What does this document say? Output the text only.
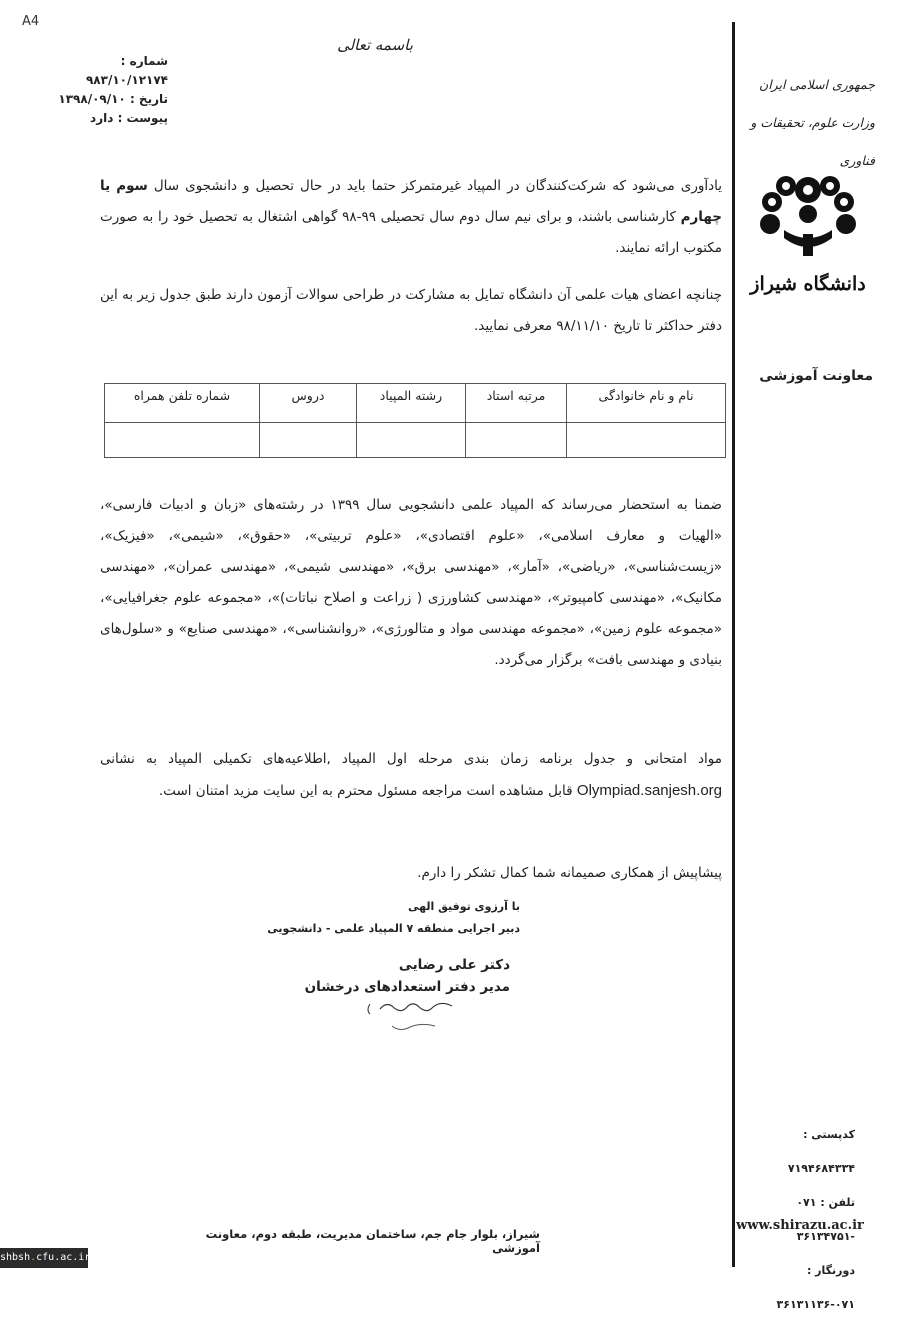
A4
باسمه تعالی
شماره :
۹۸۳/۱۰/۱۲۱۷۴
تاریخ : ۱۳۹۸/۰۹/۱۰
پیوست : دارد
جمهوری اسلامی ایران
وزارت علوم، تحقیقات و فناوری
دانشگاه شیراز
معاونت آموزشی
یادآوری می‌شود که شرکت‌کنندگان در المپیاد غیرمتمرکز حتما باید در حال تحصیل و دانشجوی سال سوم یا چهارم کارشناسی باشند، و برای نیم سال دوم سال تحصیلی ۹۹-۹۸ گواهی اشتغال به تحصیل خود را به صورت مکتوب ارائه نمایند.
چنانچه اعضای هیات علمی آن دانشگاه تمایل به مشارکت در طراحی سوالات آزمون دارند طبق جدول زیر به این دفتر حداکثر تا تاریخ ۹۸/۱۱/۱۰ معرفی نمایید.
نام و نام خانوادگی	مرتبه استاد	رشته المپیاد	دروس	شماره تلفن همراه

ضمنا به استحضار می‌رساند که المپیاد علمی دانشجویی سال ۱۳۹۹ در رشته‌های «زبان و ادبیات فارسی»، «الهیات و معارف اسلامی»، «علوم اقتصادی»، «علوم تربیتی»، «حقوق»، «شیمی»، «فیزیک»، «زیست‌شناسی»، «ریاضی»، «آمار»، «مهندسی برق»، «مهندسی شیمی»، «مهندسی عمران»، «مهندسی مکانیک»، «مهندسی کامپیوتر»، «مهندسی کشاورزی ( زراعت و اصلاح نباتات)»، «مجموعه علوم جغرافیایی»، «مجموعه علوم زمین»، «مجموعه مهندسی مواد و متالورژی»، «روانشناسی»، «مهندسی صنایع» و «سلول‌های بنیادی و مهندسی بافت» برگزار می‌گردد.
مواد امتحانی و جدول برنامه زمان بندی مرحله اول المپیاد ,اطلاعیه‌های تکمیلی المپیاد به نشانی Olympiad.sanjesh.org قابل مشاهده است مراجعه مسئول محترم به این سایت مزید امتنان است.
پیشاپیش از همکاری صمیمانه شما کمال تشکر را دارم.
با آرزوی توفیق الهی
دبیر اجرایی منطقه ۷ المپیاد علمی - دانشجویی
دکتر علی رضایی
مدیر دفتر استعدادهای درخشان
کدپستی : ۷۱۹۴۶۸۴۳۳۴
تلفن : ۰۷۱ -۳۶۱۳۴۷۵۱
دورنگار : ۰۷۱-۳۶۱۳۱۱۳۶
www.shirazu.ac.ir
شیراز، بلوار جام جم، ساختمان مدیریت، طبقه دوم، معاونت آموزشی
shbsh.cfu.ac.ir
